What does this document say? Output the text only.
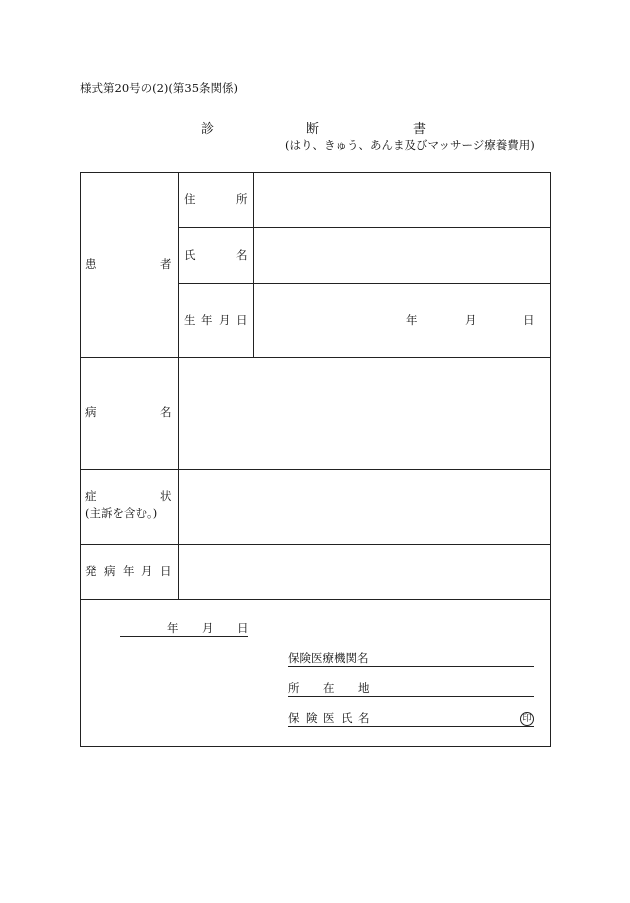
様式第20号の(2)(第35条関係)
診	断	書
(はり、きゅう、あんま及びマッサージ療養費用)
患	者
住	所
氏	名
生 年 月 日	年	月	日
病	名
症	状
(主訴を含む。)
発 病 年 月 日
年 月 日
保険医療機関名
所 在 地
保 険 医 氏 名	印
